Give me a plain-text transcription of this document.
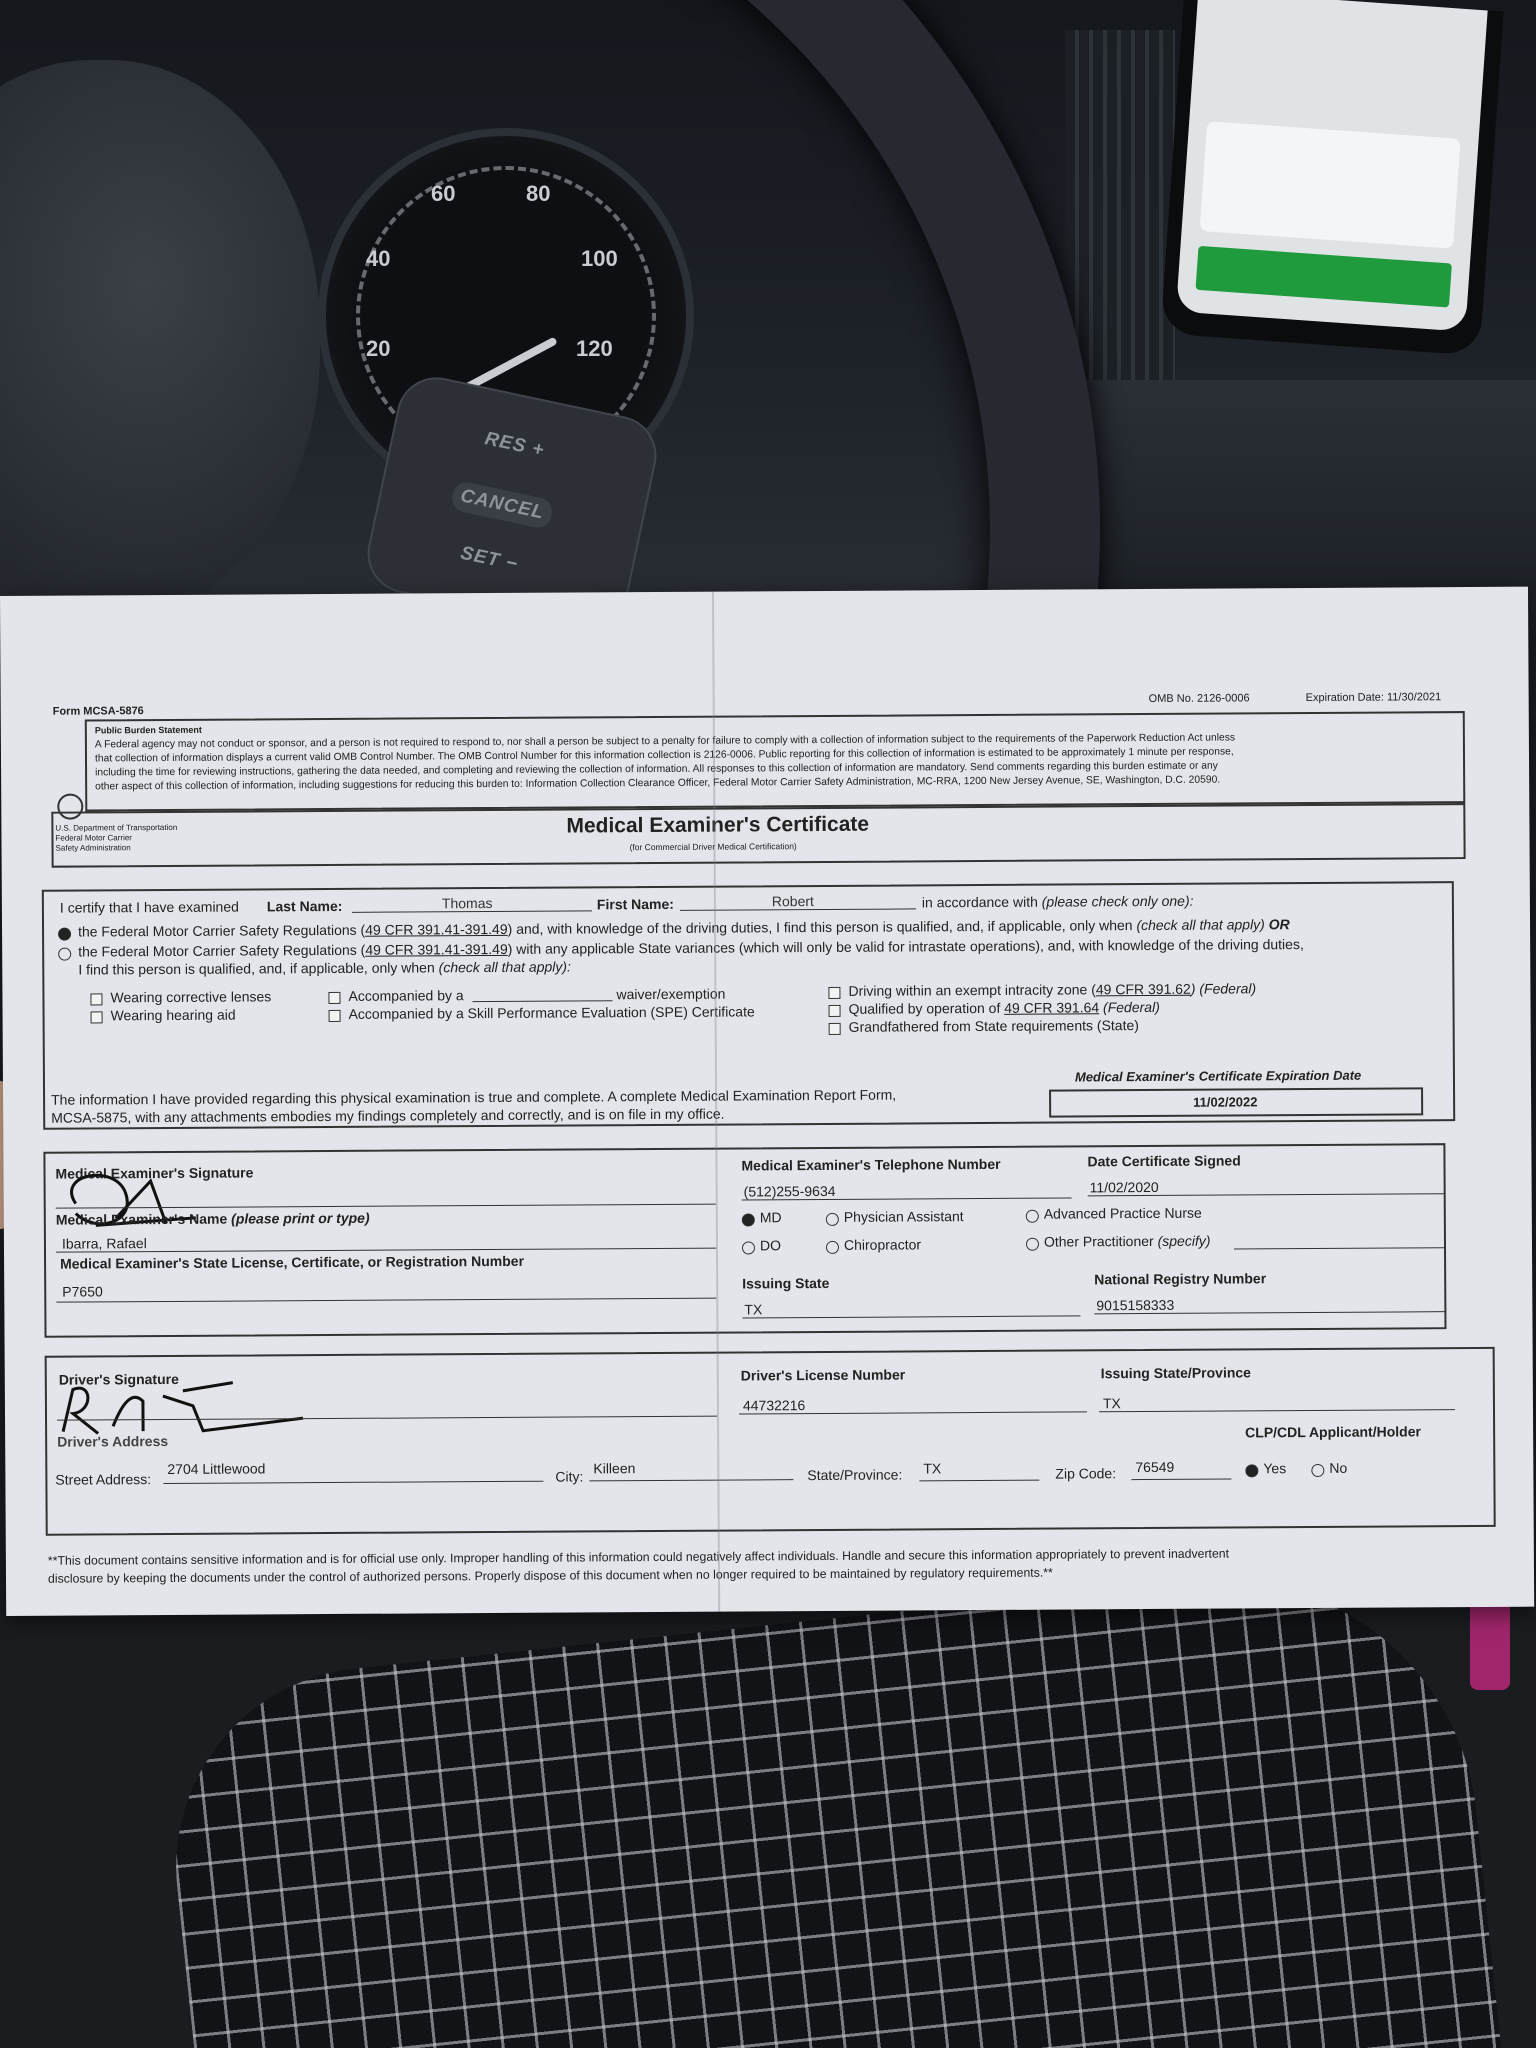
20
40
60	80
100
120
RES +
CANCEL
SET −
Form MCSA-5876
OMB No. 2126-0006	Expiration Date: 11/30/2021
Public Burden Statement
A Federal agency may not conduct or sponsor, and a person is not required to respond to, nor shall a person be subject to a penalty for failure to comply with a collection of information subject to the requirements of the Paperwork Reduction Act unless
that collection of information displays a current valid OMB Control Number. The OMB Control Number for this information collection is 2126-0006. Public reporting for this collection of information is estimated to be approximately 1 minute per response,
including the time for reviewing instructions, gathering the data needed, and completing and reviewing the collection of information. All responses to this collection of information are mandatory. Send comments regarding this burden estimate or any
other aspect of this collection of information, including suggestions for reducing this burden to: Information Collection Clearance Officer, Federal Motor Carrier Safety Administration, MC-RRA, 1200 New Jersey Avenue, SE, Washington, D.C. 20590.
U.S. Department of Transportation
Federal Motor Carrier
Safety Administration
Medical Examiner's Certificate
(for Commercial Driver Medical Certification)
I certify that I have examined Last Name:	Thomas	First Name:	Robert	in accordance with (please check only one):
the Federal Motor Carrier Safety Regulations (49 CFR 391.41-391.49) and, with knowledge of the driving duties, I find this person is qualified, and, if applicable, only when (check all that apply) OR
the Federal Motor Carrier Safety Regulations (49 CFR 391.41-391.49) with any applicable State variances (which will only be valid for intrastate operations), and, with knowledge of the driving duties,
I find this person is qualified, and, if applicable, only when (check all that apply):
Wearing corrective lenses
Wearing hearing aid
Accompanied by a	waiver/exemption
Accompanied by a Skill Performance Evaluation (SPE) Certificate
Driving within an exempt intracity zone (49 CFR 391.62) (Federal)
Qualified by operation of 49 CFR 391.64 (Federal)
Grandfathered from State requirements (State)
The information I have provided regarding this physical examination is true and complete. A complete Medical Examination Report Form,
MCSA-5875, with any attachments embodies my findings completely and correctly, and is on file in my office.
Medical Examiner's Certificate Expiration Date
11/02/2022
Medical Examiner's Signature
Medical Examiner's Name (please print or type)
Ibarra, Rafael
Medical Examiner's State License, Certificate, or Registration Number
P7650
Medical Examiner's Telephone Number
(512)255-9634
Date Certificate Signed
11/02/2020
MD	Physician Assistant	Advanced Practice Nurse
DO	Chiropractor	Other Practitioner (specify)
Issuing State
TX
National Registry Number
9015158333
Driver's Signature
Driver's Address
Driver's License Number
44732216
Issuing State/Province
TX
CLP/CDL Applicant/Holder
Street Address:
2704 Littlewood	City:
Killeen	State/Province: TX	Zip Code: 76549	Yes	No
**This document contains sensitive information and is for official use only. Improper handling of this information could negatively affect individuals. Handle and secure this information appropriately to prevent inadvertent
disclosure by keeping the documents under the control of authorized persons. Properly dispose of this document when no longer required to be maintained by regulatory requirements.**
